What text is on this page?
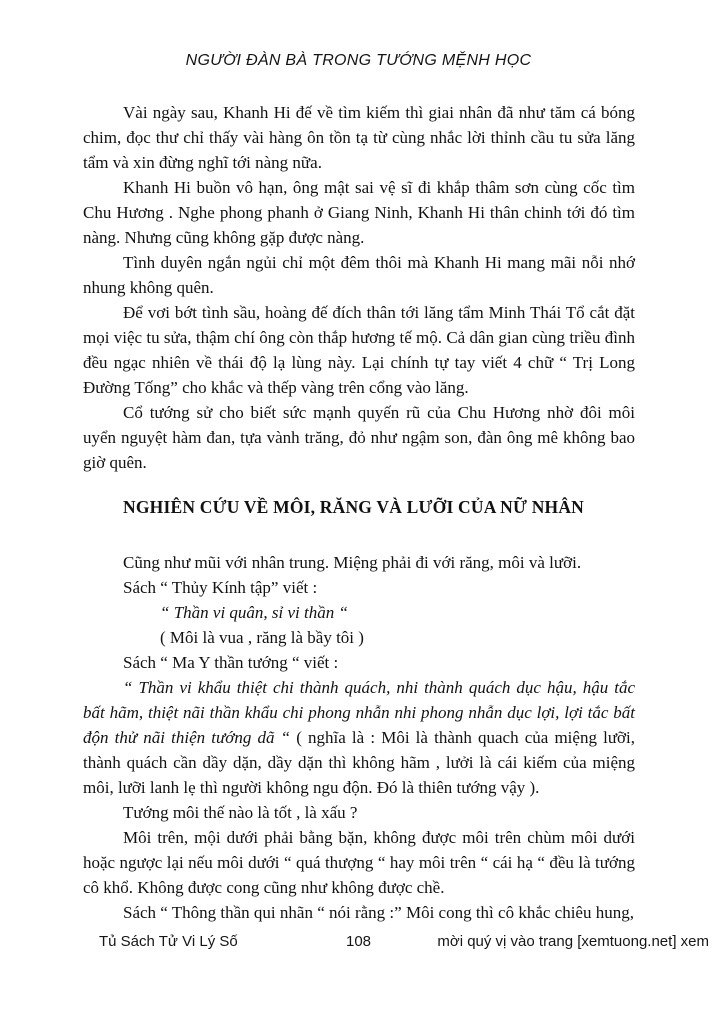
NGƯỜI ĐÀN BÀ TRONG TƯỚNG MỆNH HỌC

Vài ngày sau, Khanh Hi đế về tìm kiếm thì giai nhân đã như tăm cá bóng chim, đọc thư chỉ thấy vài hàng ôn tồn tạ từ cùng nhắc lời thỉnh cầu tu sửa lăng tẩm và xin đừng nghĩ tới nàng nữa.

Khanh Hi buồn vô hạn, ông mật sai vệ sĩ đi khắp thâm sơn cùng cốc tìm Chu Hương . Nghe phong phanh ở Giang Ninh, Khanh Hi thân chinh tới đó tìm nàng. Nhưng cũng không gặp được nàng.

Tình duyên ngắn ngủi chỉ một đêm thôi mà Khanh Hi mang mãi nỗi nhớ nhung không quên.

Để vơi bớt tình sầu, hoàng đế đích thân tới lăng tẩm Minh Thái Tổ cắt đặt mọi việc tu sửa, thậm chí ông còn thắp hương tế mộ. Cả dân gian cùng triều đình đều ngạc nhiên về thái độ lạ lùng này. Lại chính tự tay viết 4 chữ “ Trị Long Đường Tống” cho khắc và thếp vàng trên cổng vào lăng.

Cổ tướng sử cho biết sức mạnh quyến rũ của Chu Hương nhờ đôi môi uyển nguyệt hàm đan, tựa vành trăng, đỏ như ngậm son, đàn ông mê không bao giờ quên.

NGHIÊN CỨU VỀ MÔI, RĂNG VÀ LƯỠI CỦA NỮ NHÂN

Cũng như mũi với nhân trung. Miệng phải đi với răng, môi và lưỡi.

Sách “ Thủy Kính tập” viết :

“ Thần vi quân, sỉ vi thần “

( Môi là vua , răng là bầy tôi )

Sách “ Ma Y thần tướng “ viết :

“ Thần vi khẩu thiệt chi thành quách, nhi thành quách dục hậu, hậu tắc bất hãm, thiệt nãi thần khẩu chi phong nhẫn nhi phong nhẫn dục lợi, lợi tắc bất độn thử nãi thiện tướng dã “ ( nghĩa là : Môi là thành quach của miệng lưỡi, thành quách cần dầy dặn, dầy dặn thì không hãm , lưởi là cái kiếm của miệng môi, lưỡi lanh lẹ thì người không ngu độn. Đó là thiên tướng vậy ).

Tướng môi thế nào là tốt , là xấu ?

Môi trên, mội dưới phải bằng bặn, không được môi trên chùm môi dưới hoặc ngược lại nếu môi dưới “ quá thượng “ hay môi trên “ cái hạ “ đều là tướng cô khổ. Không được cong cũng như không được chề.

Sách “ Thông thần qui nhãn “ nói rằng :” Môi cong thì cô khắc chiêu hung,

Tủ Sách Tử Vi Lý Số	108	mời quý vị vào trang [xemtuong.net] xem
